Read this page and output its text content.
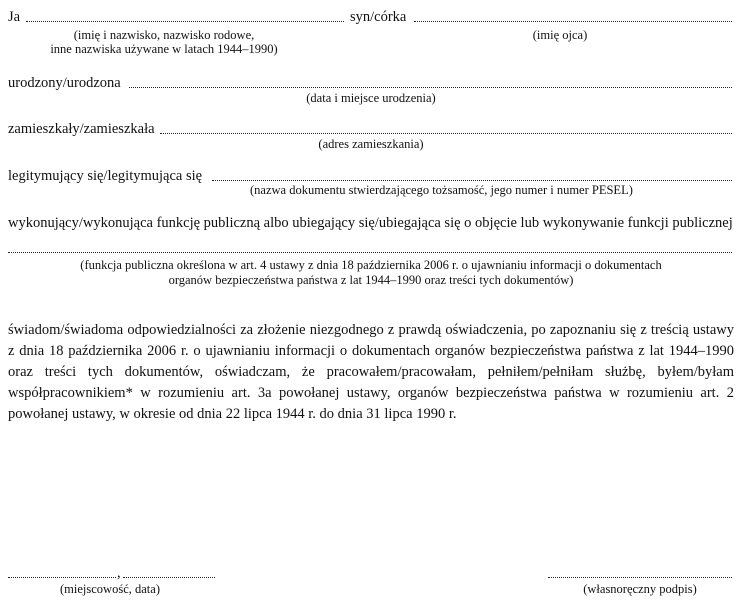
Ja	syn/córka
(imię i nazwisko, nazwisko rodowe,
inne nazwiska używane w latach 1944–1990)
(imię ojca)
urodzony/urodzona
(data i miejsce urodzenia)
zamieszkały/zamieszkała
(adres zamieszkania)
legitymujący się/legitymująca się
(nazwa dokumentu stwierdzającego tożsamość, jego numer i numer PESEL)
wykonujący/wykonująca funkcję publiczną albo ubiegający się/ubiegająca się o objęcie lub wykonywanie funkcji publicznej
(funkcja publiczna określona w art. 4 ustawy z dnia 18 października 2006 r. o ujawnianiu informacji o dokumentach
organów bezpieczeństwa państwa z lat 1944–1990 oraz treści tych dokumentów)
świadom/świadoma odpowiedzialności za złożenie niezgodnego z prawdą oświadczenia, po zapoznaniu się z treścią ustawy z dnia 18 października 2006 r. o ujawnianiu informacji o dokumentach organów bezpieczeństwa państwa z lat 1944–1990 oraz treści tych dokumentów, oświadczam, że pracowałem/pracowałam, pełniłem/pełniłam służbę, byłem/byłam współpracownikiem* w rozumieniu art. 3a powołanej ustawy, organów bezpieczeństwa państwa w rozumieniu art. 2 powołanej ustawy, w okresie od dnia 22 lipca 1944 r. do dnia 31 lipca 1990 r.
,
(miejscowość, data)	(własnoręczny podpis)
